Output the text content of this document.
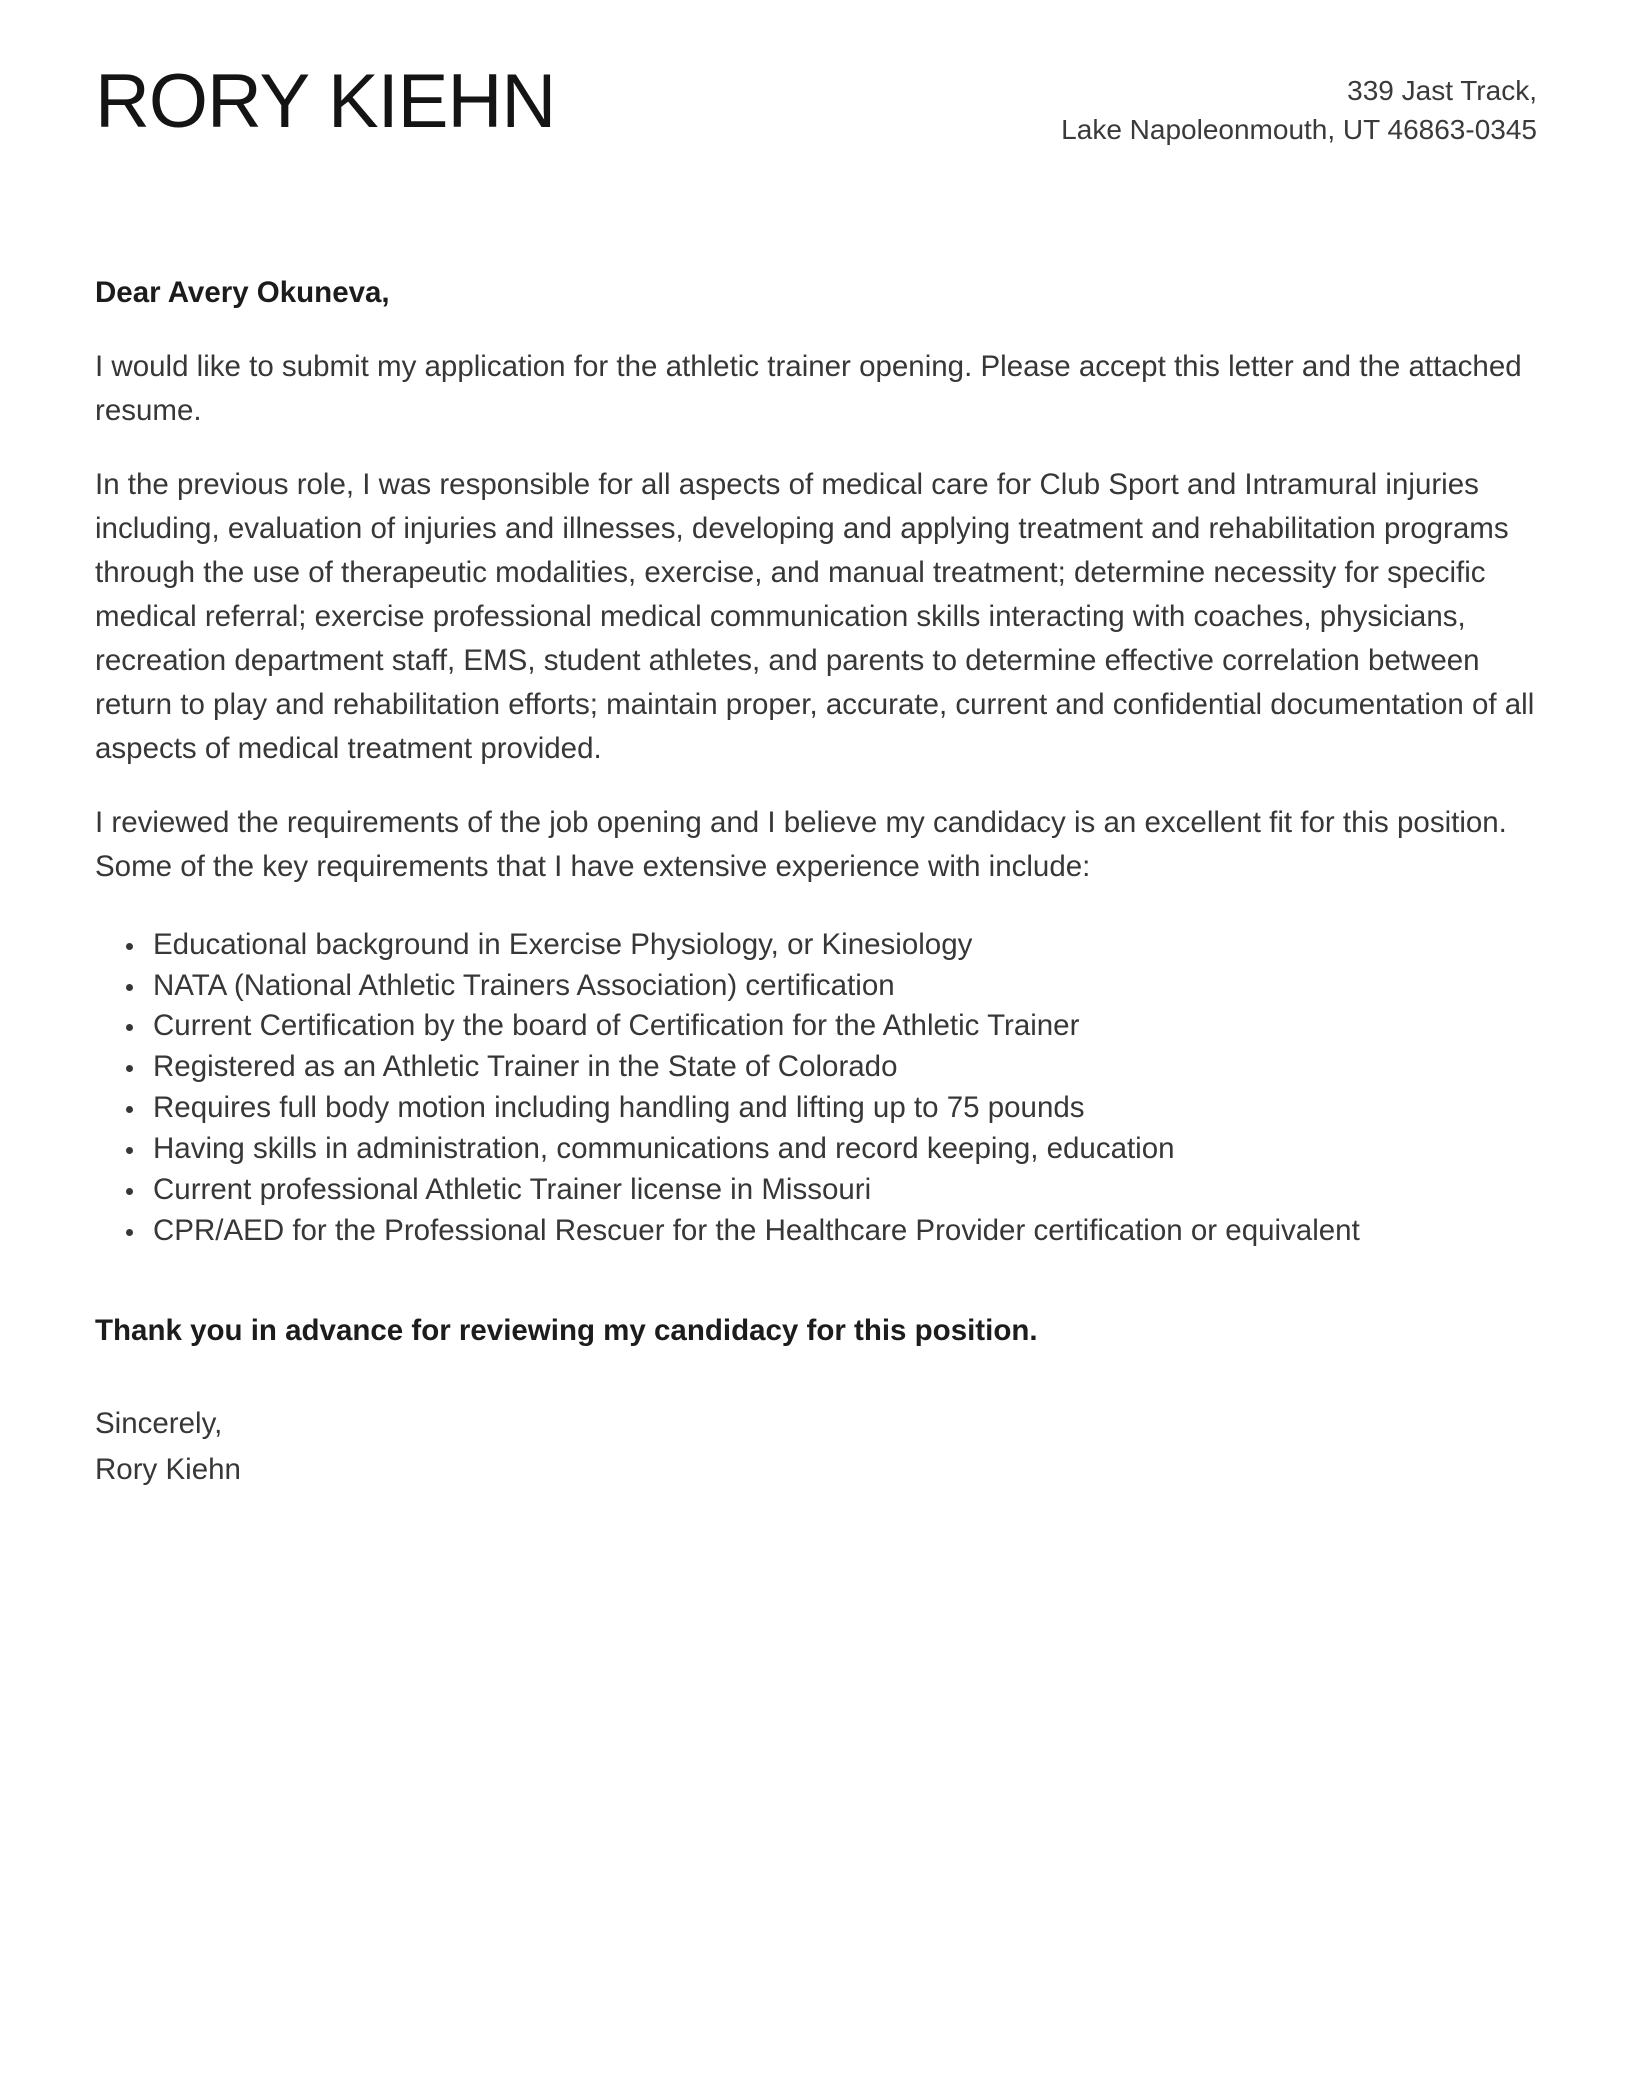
RORY KIEHN	339 Jast Track,
Lake Napoleonmouth, UT 46863-0345

Dear Avery Okuneva,

I would like to submit my application for the athletic trainer opening. Please accept this letter and the attached resume.

In the previous role, I was responsible for all aspects of medical care for Club Sport and Intramural injuries including, evaluation of injuries and illnesses, developing and applying treatment and rehabilitation programs through the use of therapeutic modalities, exercise, and manual treatment; determine necessity for specific medical referral; exercise professional medical communication skills interacting with coaches, physicians, recreation department staff, EMS, student athletes, and parents to determine effective correlation between return to play and rehabilitation efforts; maintain proper, accurate, current and confidential documentation of all aspects of medical treatment provided.

I reviewed the requirements of the job opening and I believe my candidacy is an excellent fit for this position. Some of the key requirements that I have extensive experience with include:

• Educational background in Exercise Physiology, or Kinesiology
• NATA (National Athletic Trainers Association) certification
• Current Certification by the board of Certification for the Athletic Trainer
• Registered as an Athletic Trainer in the State of Colorado
• Requires full body motion including handling and lifting up to 75 pounds
• Having skills in administration, communications and record keeping, education
• Current professional Athletic Trainer license in Missouri
• CPR/AED for the Professional Rescuer for the Healthcare Provider certification or equivalent

Thank you in advance for reviewing my candidacy for this position.

Sincerely,
Rory Kiehn
